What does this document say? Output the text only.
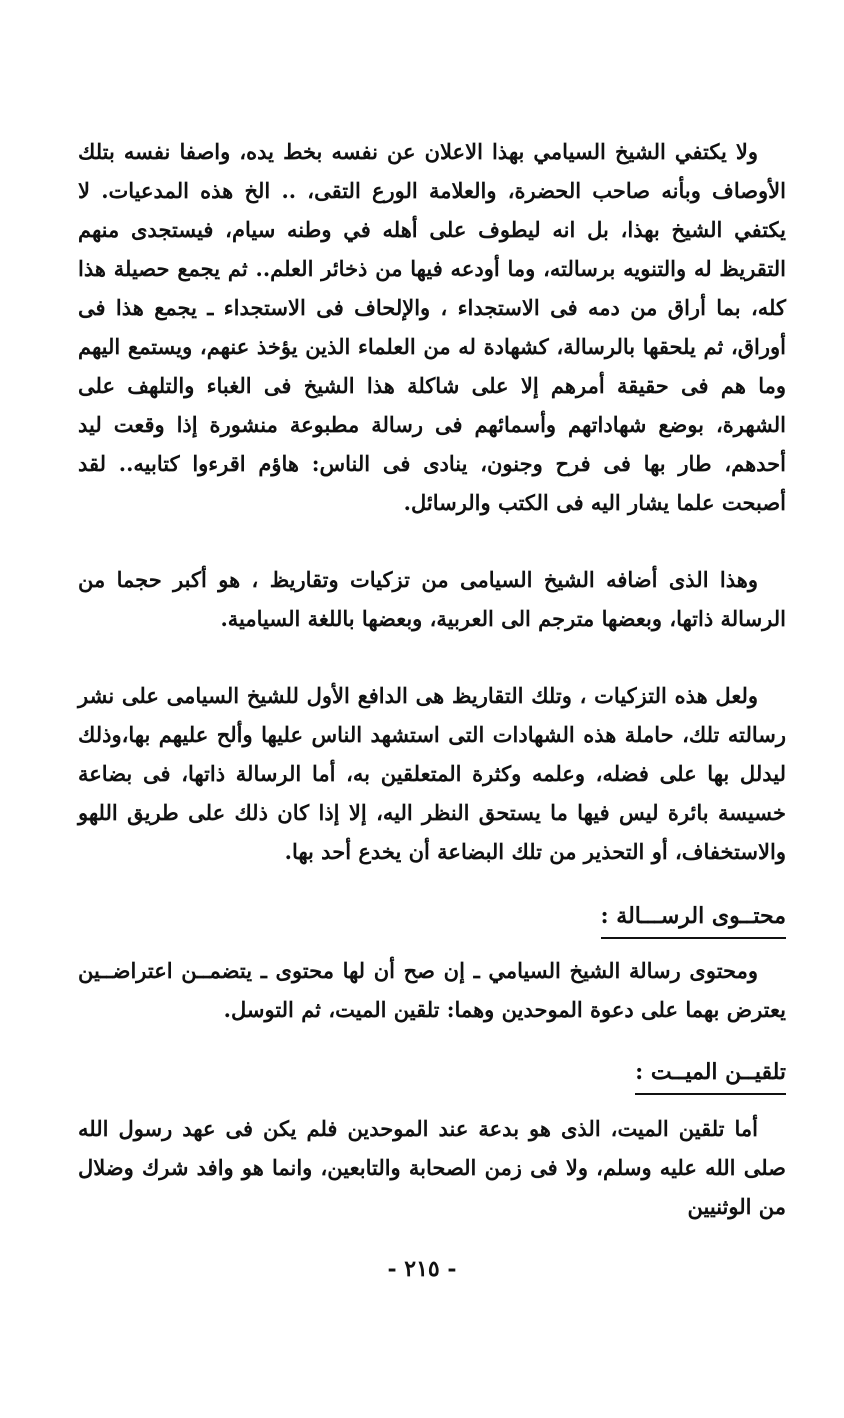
ولا يكتفي الشيخ السيامي بهذا الاعلان عن نفسه بخط يده، واصفا نفسه بتلك الأوصاف وبأنه صاحب الحضرة، والعلامة الورع التقى، .. الخ هذه المدعيات. لا يكتفي الشيخ بهذا، بل انه ليطوف على أهله في وطنه سيام، فيستجدى منهم التقريظ له والتنويه برسالته، وما أودعه فيها من ذخائر العلم.. ثم يجمع حصيلة هذا كله، بما أراق من دمه فى الاستجداء ، والإلحاف فى الاستجداء ـ يجمع هذا فى أوراق، ثم يلحقها بالرسالة، كشهادة له من العلماء الذين يؤخذ عنهم، ويستمع اليهم وما هم فى حقيقة أمرهم إلا على شاكلة هذا الشيخ فى الغباء والتلهف على الشهرة، بوضع شهاداتهم وأسمائهم فى رسالة مطبوعة منشورة إذا وقعت ليد أحدهم، طار بها فى فرح وجنون، ينادى فى الناس: هاؤم اقرءوا كتابيه.. لقد أصبحت علما يشار اليه فى الكتب والرسائل.

وهذا الذى أضافه الشيخ السيامى من تزكيات وتقاريظ ، هو أكبر حجما من الرسالة ذاتها، وبعضها مترجم الى العربية، وبعضها باللغة السيامية.

ولعل هذه التزكيات ، وتلك التقاريظ هى الدافع الأول للشيخ السيامى على نشر رسالته تلك، حاملة هذه الشهادات التى استشهد الناس عليها وألح عليهم بها،وذلك ليدلل بها على فضله، وعلمه وكثرة المتعلقين به، أما الرسالة ذاتها، فى بضاعة خسيسة بائرة ليس فيها ما يستحق النظر اليه، إلا إذا كان ذلك على طريق اللهو والاستخفاف، أو التحذير من تلك البضاعة أن يخدع أحد بها.

محتــوى الرســـالة :

ومحتوى رسالة الشيخ السيامي ـ إن صح أن لها محتوى ـ يتضمــن اعتراضــين يعترض بهما على دعوة الموحدين وهما: تلقين الميت، ثم التوسل.

تلقيــن الميــت :

أما تلقين الميت، الذى هو بدعة عند الموحدين فلم يكن فى عهد رسول الله صلى الله عليه وسلم، ولا فى زمن الصحابة والتابعين، وانما هو وافد شرك وضلال من الوثنيين

- ٢١٥ -
